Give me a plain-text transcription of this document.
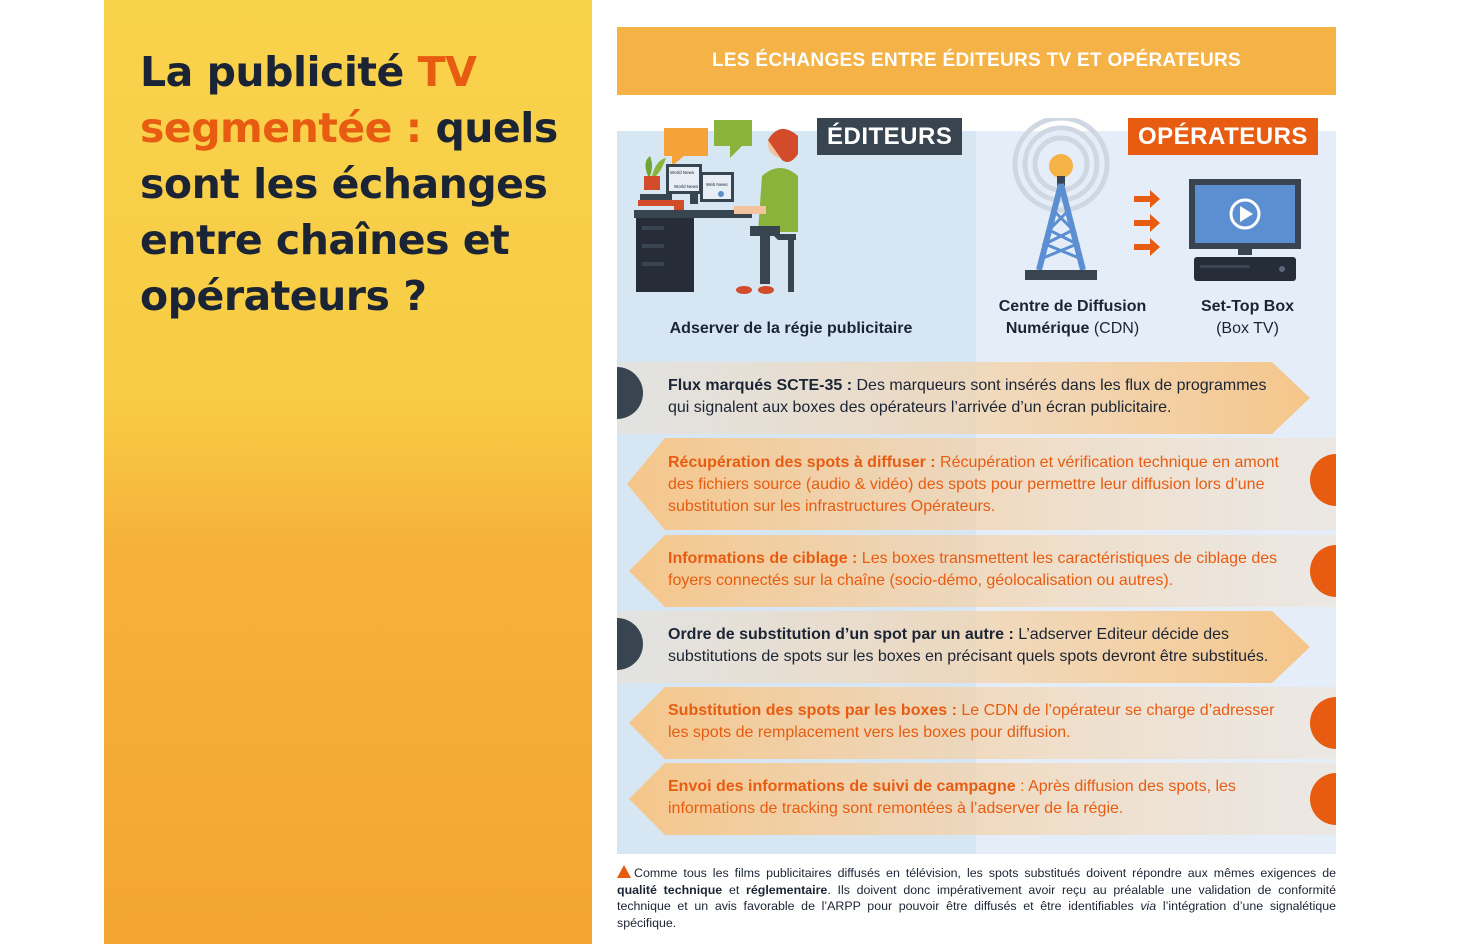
La publicité TV segmentée : quels sont les échanges entre chaînes et opérateurs ?
LES ÉCHANGES ENTRE ÉDITEURS TV ET OPÉRATEURS
ÉDITEURS	OPÉRATEURS
World News
World News Web News
Adserver de la régie publicitaire
Centre de Diffusion
Numérique (CDN)
Set-Top Box
(Box TV)
Flux marqués SCTE-35 : Des marqueurs sont insérés dans les flux de programmes qui signalent aux boxes des opérateurs l’arrivée d’un écran publicitaire.
Récupération des spots à diffuser : Récupération et vérification technique en amont des fichiers source (audio & vidéo) des spots pour permettre leur diffusion lors d’une substitution sur les infrastructures Opérateurs.
Informations de ciblage : Les boxes transmettent les caractéristiques de ciblage des foyers connectés sur la chaîne (socio-démo, géolocalisation ou autres).
Ordre de substitution d’un spot par un autre : L’adserver Editeur décide des substitutions de spots sur les boxes en précisant quels spots devront être substitués.
Substitution des spots par les boxes : Le CDN de l’opérateur se charge d’adresser les spots de remplacement vers les boxes pour diffusion.
Envoi des informations de suivi de campagne : Après diffusion des spots, les informations de tracking sont remontées à l’adserver de la régie.
Comme tous les films publicitaires diffusés en télévision, les spots substitués doivent répondre aux mêmes exigences de qualité technique et réglementaire. Ils doivent donc impérativement avoir reçu au préalable une validation de conformité technique et un avis favorable de l’ARPP pour pouvoir être diffusés et être identifiables via l’intégration d’une signalétique spécifique.
